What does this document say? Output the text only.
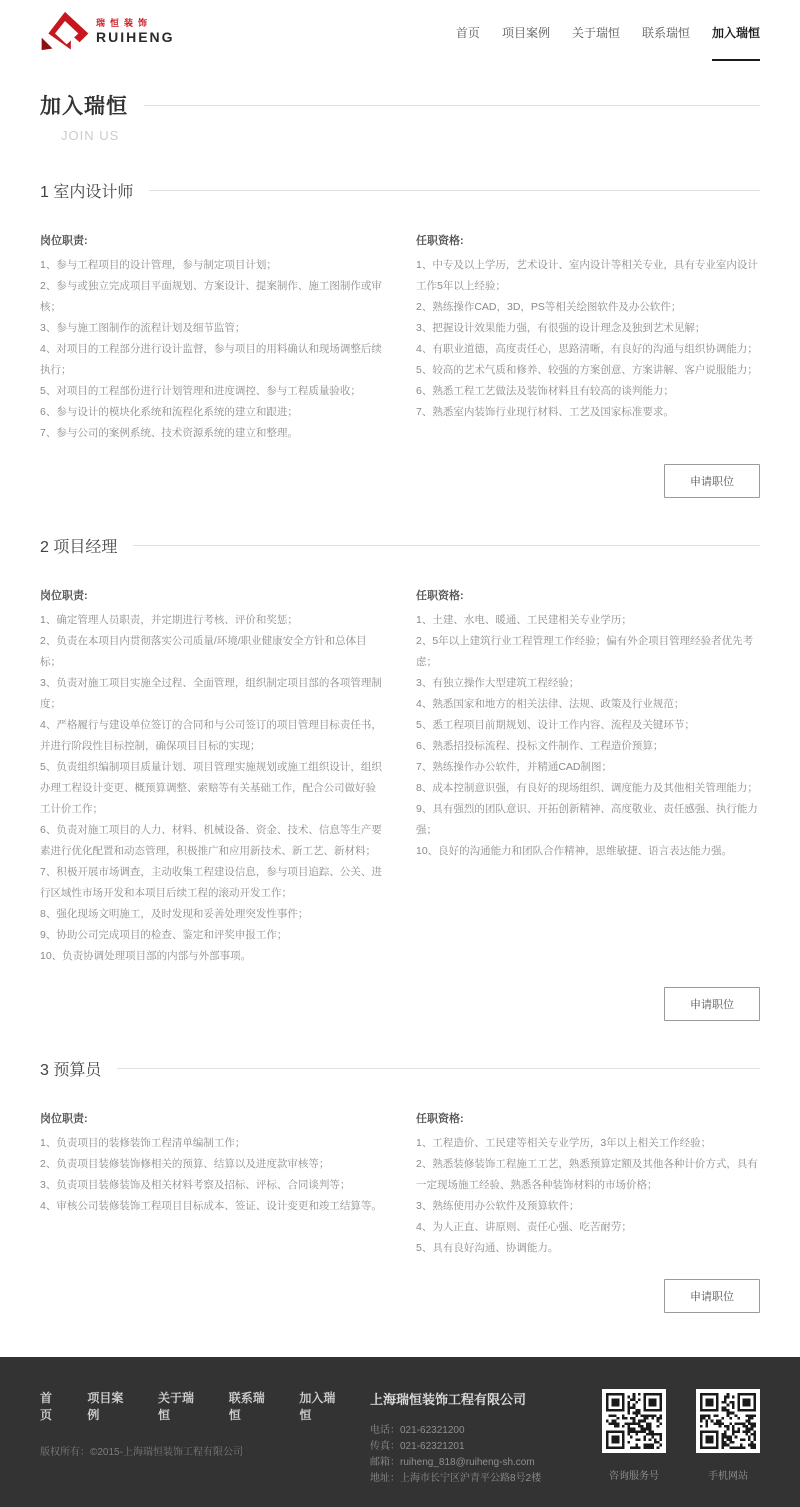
瑞恒装饰
RUIHENG	首页 项目案例 关于瑞恒 联系瑞恒 加入瑞恒
加入瑞恒
JOIN US
1 室内设计师
岗位职责:
1、参与工程项目的设计管理，参与制定项目计划；
2、参与或独立完成项目平面规划、方案设计、提案制作、施工图制作或审核；
3、参与施工图制作的流程计划及细节监管；
4、对项目的工程部分进行设计监督，参与项目的用料确认和现场调整后续执行；
5、对项目的工程部份进行计划管理和进度调控、参与工程质量验收；
6、参与设计的模块化系统和流程化系统的建立和跟进；
7、参与公司的案例系统、技术资源系统的建立和整理。
任职资格:
1、中专及以上学历，艺术设计、室内设计等相关专业，具有专业室内设计工作5年以上经验；
2、熟练操作CAD，3D，PS等相关绘图软件及办公软件；
3、把握设计效果能力强，有很强的设计理念及独到艺术见解；
4、有职业道德，高度责任心，思路清晰，有良好的沟通与组织协调能力；
5、较高的艺术气质和修养、较强的方案创意、方案讲解、客户说服能力；
6、熟悉工程工艺做法及装饰材料且有较高的谈判能力；
7、熟悉室内装饰行业现行材料、工艺及国家标准要求。
申请职位
2 项目经理
岗位职责:
1、确定管理人员职责，并定期进行考核、评价和奖惩；
2、负责在本项目内贯彻落实公司质量/环境/职业健康安全方针和总体目标；
3、负责对施工项目实施全过程、全面管理，组织制定项目部的各项管理制度；
4、严格履行与建设单位签订的合同和与公司签订的项目管理目标责任书，并进行阶段性目标控制，确保项目目标的实现；
5、负责组织编制项目质量计划、项目管理实施规划或施工组织设计，组织办理工程设计变更、概预算调整、索赔等有关基础工作，配合公司做好验工计价工作；
6、负责对施工项目的人力、材料、机械设备、资金、技术、信息等生产要素进行优化配置和动态管理，积极推广和应用新技术、新工艺、新材料；
7、积极开展市场调查，主动收集工程建设信息，参与项目追踪、公关、进行区域性市场开发和本项目后续工程的滚动开发工作；
8、强化现场文明施工，及时发现和妥善处理突发性事件；
9、协助公司完成项目的检查、鉴定和评奖申报工作；
10、负责协调处理项目部的内部与外部事项。
任职资格:
1、土建、水电、暖通、工民建相关专业学历；
2、5年以上建筑行业工程管理工作经验；偏有外企项目管理经验者优先考虑；
3、有独立操作大型建筑工程经验；
4、熟悉国家和地方的相关法律、法规、政策及行业规范；
5、悉工程项目前期规划、设计工作内容、流程及关键环节；
6、熟悉招投标流程、投标文件制作、工程造价预算；
7、熟练操作办公软件，并精通CAD制图；
8、成本控制意识强，有良好的现场组织、调度能力及其他相关管理能力；
9、具有强烈的团队意识、开拓创新精神、高度敬业、责任感强、执行能力强；
10、良好的沟通能力和团队合作精神，思维敏捷、语言表达能力强。
申请职位
3 预算员
岗位职责:
1、负责项目的装修装饰工程清单编制工作；
2、负责项目装修装饰修相关的预算、结算以及进度款审核等；
3、负责项目装修装饰及相关材料考察及招标、评标、合同谈判等；
4、审核公司装修装饰工程项目目标成本、签证、设计变更和竣工结算等。
任职资格:
1、工程造价、工民建等相关专业学历，3年以上相关工作经验；
2、熟悉装修装饰工程施工工艺，熟悉预算定额及其他各种计价方式，具有一定现场施工经验、熟悉各种装饰材料的市场价格；
3、熟练使用办公软件及预算软件；
4、为人正直、讲原则、责任心强、吃苦耐劳；
5、具有良好沟通、协调能力。
申请职位
首页
项目案例
关于瑞恒
联系瑞恒
加入瑞恒
版权所有：©2015-上海瑞恒装饰工程有限公司
上海瑞恒装饰工程有限公司
电话：021-62321200
传真：021-62321201
邮箱：ruiheng_818@ruiheng-sh.com
地址：上海市长宁区沪青平公路8号2楼	咨询服务号	手机网站
